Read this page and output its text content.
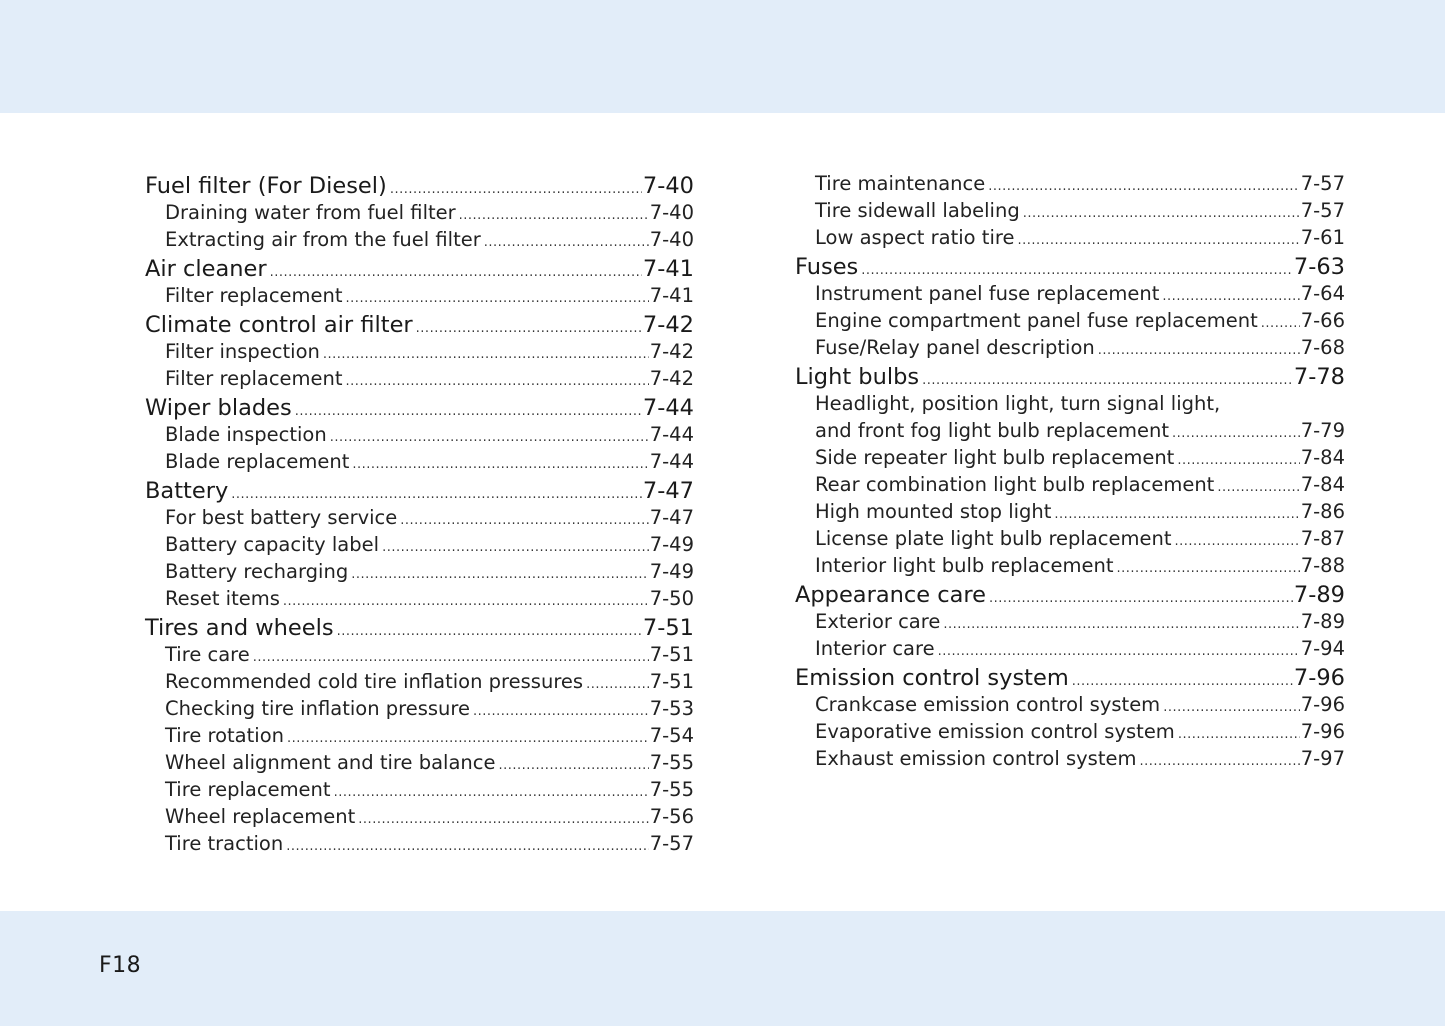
Fuel filter (For Diesel) .....	7-40
Draining water from fuel filter .....	7-40
Extracting air from the fuel filter .....	7-40
Air cleaner .....	7-41
Filter replacement .....	7-41
Climate control air filter .....	7-42
Filter inspection .....	7-42
Filter replacement .....	7-42
Wiper blades .....	7-44
Blade inspection .....	7-44
Blade replacement .....	7-44
Battery .....	7-47
For best battery service .....	7-47
Battery capacity label .....	7-49
Battery recharging .....	7-49
Reset items .....	7-50
Tires and wheels .....	7-51
Tire care .....	7-51
Recommended cold tire inflation pressures .....	7-51
Checking tire inflation pressure .....	7-53
Tire rotation .....	7-54
Wheel alignment and tire balance .....	7-55
Tire replacement .....	7-55
Wheel replacement .....	7-56
Tire traction .....	7-57
Tire maintenance .....	7-57
Tire sidewall labeling .....	7-57
Low aspect ratio tire .....	7-61
Fuses .....	7-63
Instrument panel fuse replacement .....	7-64
Engine compartment panel fuse replacement ..... 7-66
Fuse/Relay panel description .....	7-68
Light bulbs .....	7-78
Headlight, position light, turn signal light,
and front fog light bulb replacement .....	7-79
Side repeater light bulb replacement .....	7-84
Rear combination light bulb replacement .....	7-84
High mounted stop light .....	7-86
License plate light bulb replacement .....	7-87
Interior light bulb replacement .....	7-88
Appearance care .....	7-89
Exterior care .....	7-89
Interior care .....	7-94
Emission control system .....	7-96
Crankcase emission control system .....	7-96
Evaporative emission control system .....	7-96
Exhaust emission control system .....	7-97
F18
